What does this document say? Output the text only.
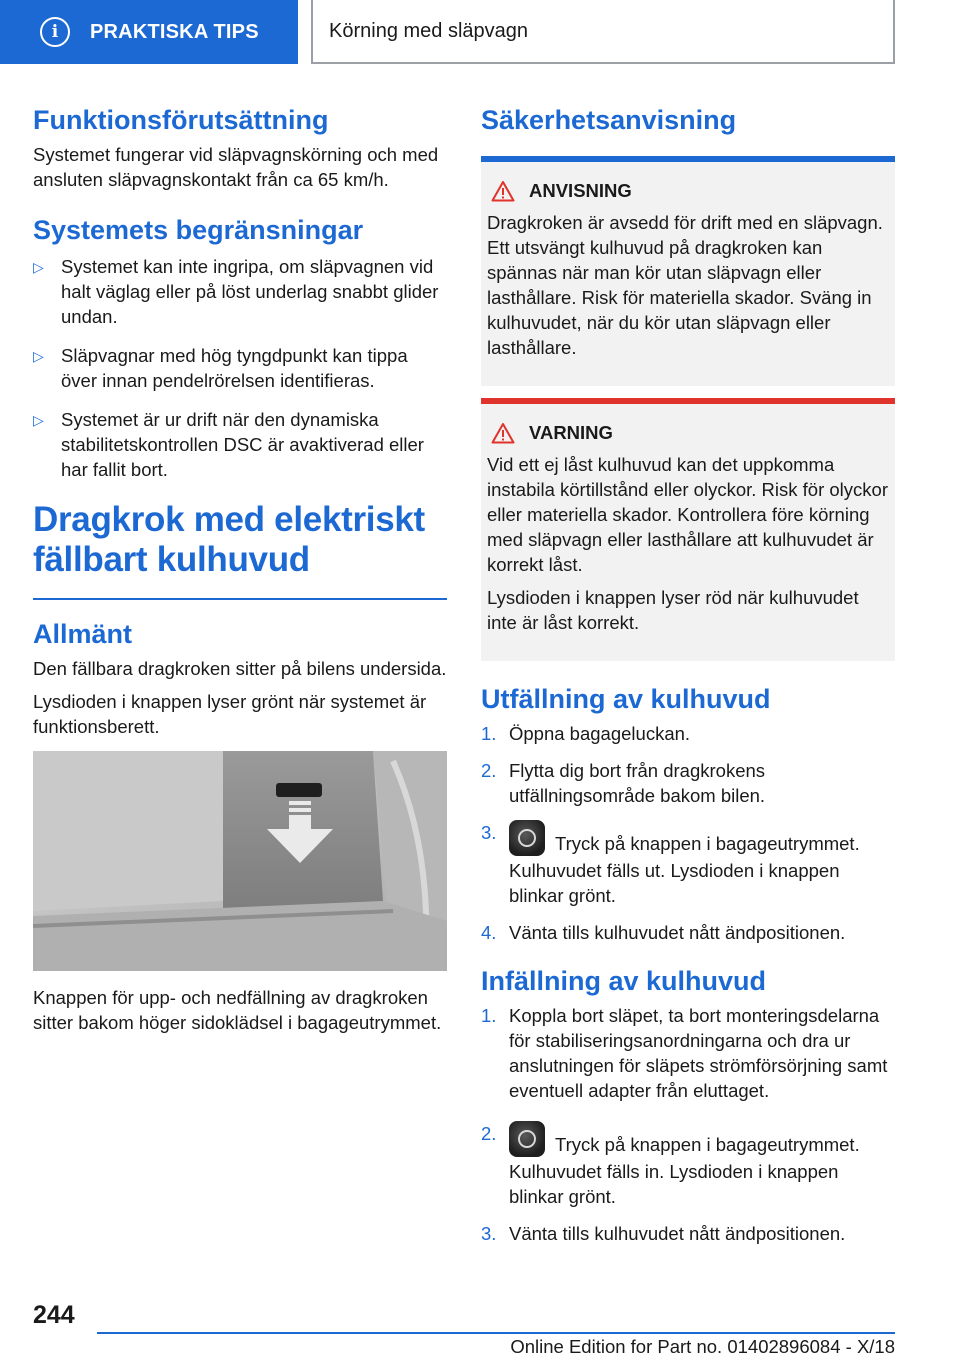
i	PRAKTISKA TIPS	Körning med släpvagn
Funktionsförutsättning

Systemet fungerar vid släpvagnskörning och med ansluten släpvagnskontakt från ca 65 km/h.

Systemets begränsningar
▷ Systemet kan inte ingripa, om släpvagnen vid halt väglag eller på löst underlag snabbt glider undan.
▷ Släpvagnar med hög tyngdpunkt kan tippa över innan pendelrörelsen identifieras.
▷ Systemet är ur drift när den dynamiska stabilitetskontrollen DSC är avaktiverad eller har fallit bort.
Dragkrok med elektriskt fällbart kulhuvud
Allmänt

Den fällbara dragkroken sitter på bilens undersida.

Lysdioden i knappen lyser grönt när systemet är funktionsberett.

Knappen för upp- och nedfällning av dragkroken sitter bakom höger sidoklädsel i bagageutrymmet.

Säkerhetsanvisning
ANVISNING

Dragkroken är avsedd för drift med en släpvagn. Ett utsvängt kulhuvud på dragkroken kan spännas när man kör utan släpvagn eller lasthållare. Risk för materiella skador. Sväng in kulhuvudet, när du kör utan släpvagn eller lasthållare.

VARNING

Vid ett ej låst kulhuvud kan det uppkomma instabila körtillstånd eller olyckor. Risk för olyckor eller materiella skador. Kontrollera före körning med släpvagn eller lasthållare att kulhuvudet är korrekt låst.

Lysdioden i knappen lyser röd när kulhuvudet inte är låst korrekt.

Utfällning av kulhuvud
1. Öppna bagageluckan.
2. Flytta dig bort från dragkrokens utfällningsområde bakom bilen.
3.
Tryck på knappen i bagageutrymmet.
Kulhuvudet fälls ut. Lysdioden i knappen blinkar grönt.
4. Vänta tills kulhuvudet nått ändpositionen.
Infällning av kulhuvud
1. Koppla bort släpet, ta bort monteringsdelarna för stabiliseringsanordningarna och dra ur anslutningen för släpets strömförsörjning samt eventuell adapter från eluttaget.
2.
Tryck på knappen i bagageutrymmet.
Kulhuvudet fälls in. Lysdioden i knappen blinkar grönt.
3. Vänta tills kulhuvudet nått ändpositionen.
244
Online Edition for Part no. 01402896084 - X/18
